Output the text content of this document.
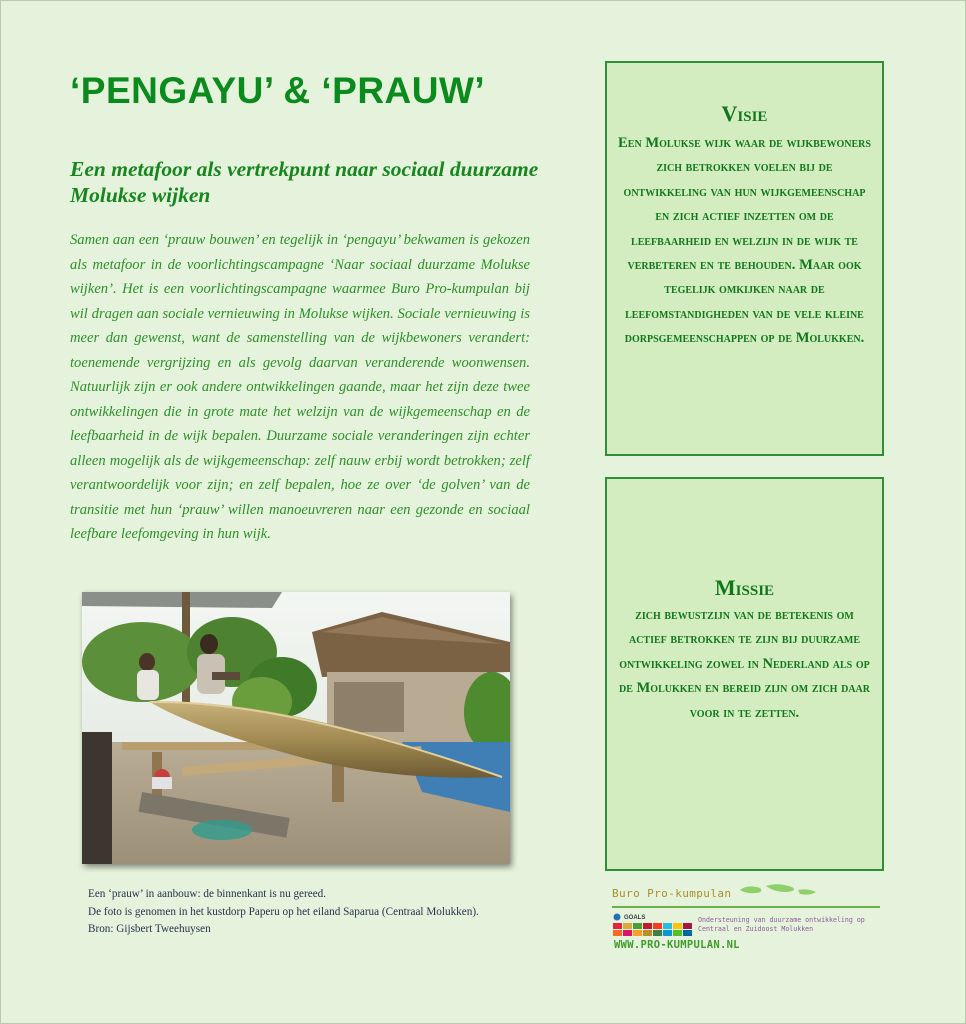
‘PENGAYU’ & ‘PRAUW’
Een metafoor als vertrekpunt naar sociaal duurzame Molukse wijken

Samen aan een ‘prauw bouwen’ en tegelijk in ‘pengayu’ bekwamen is gekozen als metafoor in de voorlichtingscampagne ‘Naar sociaal duurzame Molukse wijken’. Het is een voorlichtingscampagne waarmee Buro Pro-kumpulan bij wil dragen aan sociale vernieuwing in Molukse wijken. Sociale vernieuwing is meer dan gewenst, want de samenstelling van de wijkbewoners verandert: toenemende vergrijzing en als gevolg daarvan veranderende woonwensen. Natuurlijk zijn er ook andere ontwikkelingen gaande, maar het zijn deze twee ontwikkelingen die in grote mate het welzijn van de wijkgemeenschap en de leefbaarheid in de wijk bepalen. Duurzame sociale veranderingen zijn echter alleen mogelijk als de wijkgemeenschap: zelf nauw erbij wordt betrokken; zelf verantwoordelijk voor zijn; en zelf bepalen, hoe ze over ‘de golven’ van de transitie met hun ‘prauw’ willen manoeuvreren naar een gezonde en sociaal leefbare leefomgeving in hun wijk.

Een ‘prauw’ in aanbouw: de binnenkant is nu gereed.
De foto is genomen in het kustdorp Paperu op het eiland Saparua (Centraal Molukken).
Bron: Gijsbert Tweehuysen
Visie
Een Molukse wijk waar de wijkbewoners zich betrokken voelen bij de ontwikkeling van hun wijkgemeenschap en zich actief inzetten om de leefbaarheid en welzijn in de wijk te verbeteren en te behouden. Maar ook tegelijk omkijken naar de leefomstandigheden van de vele kleine dorpsgemeenschappen op de Molukken.
Missie
zich bewustzijn van de betekenis om actief betrokken te zijn bij duurzame ontwikkeling zowel in Nederland als op de Molukken en bereid zijn om zich daar voor in te zetten.
Buro Pro-kumpulan
GOALS	Ondersteuning van duurzame ontwikkeling op Centraal en Zuidoost Molukken
WWW.PRO-KUMPULAN.NL
